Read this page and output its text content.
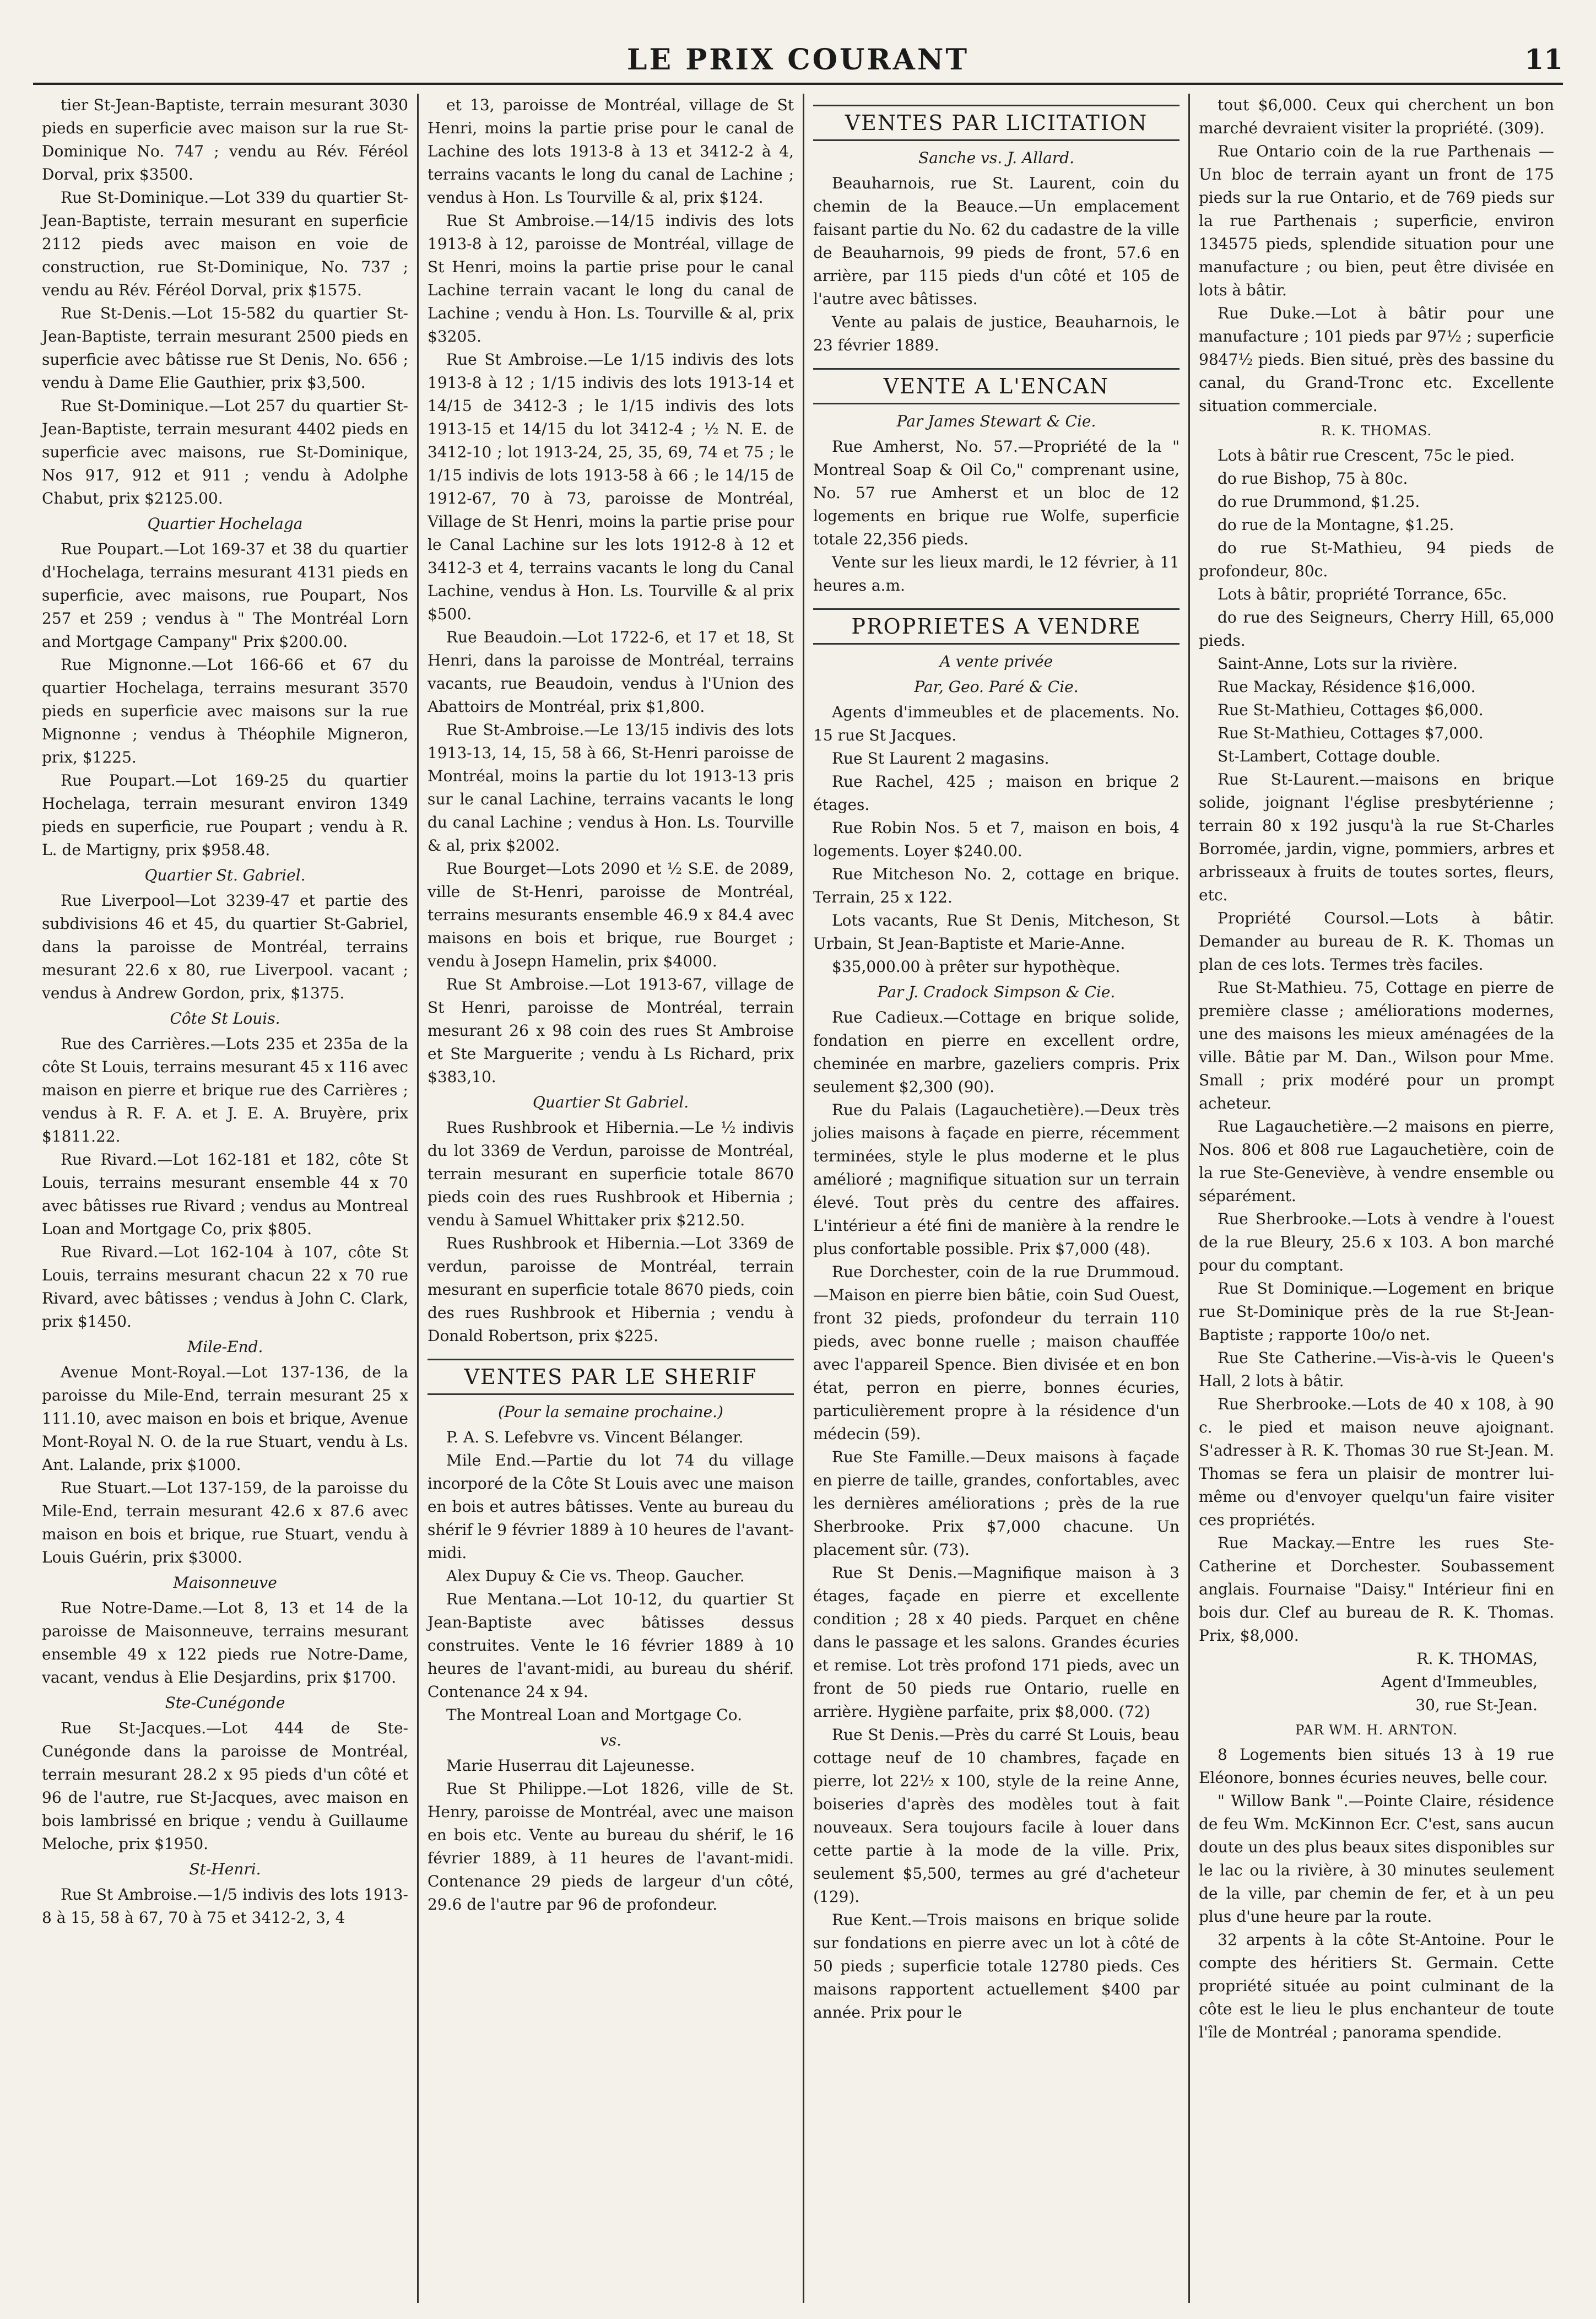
LE PRIX COURANT	11

tier St-Jean-Baptiste, terrain mesurant 3030 pieds en superficie avec maison sur la rue St-Dominique No. 747 ; vendu au Rév. Féréol Dorval, prix $3500.

Rue St-Dominique.—Lot 339 du quartier St-Jean-Baptiste, terrain mesurant en superficie 2112 pieds avec maison en voie de construction, rue St-Dominique, No. 737 ; vendu au Rév. Féréol Dorval, prix $1575.

Rue St-Denis.—Lot 15-582 du quartier St-Jean-Baptiste, terrain mesurant 2500 pieds en superficie avec bâtisse rue St Denis, No. 656 ; vendu à Dame Elie Gauthier, prix $3,500.

Rue St-Dominique.—Lot 257 du quartier St-Jean-Baptiste, terrain mesurant 4402 pieds en superficie avec maisons, rue St-Dominique, Nos 917, 912 et 911 ; vendu à Adolphe Chabut, prix $2125.00.

Quartier Hochelaga

Rue Poupart.—Lot 169-37 et 38 du quartier d'Hochelaga, terrains mesurant 4131 pieds en superficie, avec maisons, rue Poupart, Nos 257 et 259 ; vendus à " The Montréal Lorn and Mortgage Campany" Prix $200.00.

Rue Mignonne.—Lot 166-66 et 67 du quartier Hochelaga, terrains mesurant 3570 pieds en superficie avec maisons sur la rue Mignonne ; vendus à Théophile Migneron, prix, $1225.

Rue Poupart.—Lot 169-25 du quartier Hochelaga, terrain mesurant environ 1349 pieds en superficie, rue Poupart ; vendu à R. L. de Martigny, prix $958.48.

Quartier St. Gabriel.

Rue Liverpool—Lot 3239-47 et partie des subdivisions 46 et 45, du quartier St-Gabriel, dans la paroisse de Montréal, terrains mesurant 22.6 x 80, rue Liverpool. vacant ; vendus à Andrew Gordon, prix, $1375.

Côte St Louis.

Rue des Carrières.—Lots 235 et 235a de la côte St Louis, terrains mesurant 45 x 116 avec maison en pierre et brique rue des Carrières ; vendus à R. F. A. et J. E. A. Bruyère, prix $1811.22.

Rue Rivard.—Lot 162-181 et 182, côte St Louis, terrains mesurant ensemble 44 x 70 avec bâtisses rue Rivard ; vendus au Montreal Loan and Mortgage Co, prix $805.

Rue Rivard.—Lot 162-104 à 107, côte St Louis, terrains mesurant chacun 22 x 70 rue Rivard, avec bâtisses ; vendus à John C. Clark, prix $1450.

Mile-End.

Avenue Mont-Royal.—Lot 137-136, de la paroisse du Mile-End, terrain mesurant 25 x 111.10, avec maison en bois et brique, Avenue Mont-Royal N. O. de la rue Stuart, vendu à Ls. Ant. Lalande, prix $1000.

Rue Stuart.—Lot 137-159, de la paroisse du Mile-End, terrain mesurant 42.6 x 87.6 avec maison en bois et brique, rue Stuart, vendu à Louis Guérin, prix $3000.

Maisonneuve

Rue Notre-Dame.—Lot 8, 13 et 14 de la paroisse de Maisonneuve, terrains mesurant ensemble 49 x 122 pieds rue Notre-Dame, vacant, vendus à Elie Desjardins, prix $1700.

Ste-Cunégonde

Rue St-Jacques.—Lot 444 de Ste-Cunégonde dans la paroisse de Montréal, terrain mesurant 28.2 x 95 pieds d'un côté et 96 de l'autre, rue St-Jacques, avec maison en bois lambrissé en brique ; vendu à Guillaume Meloche, prix $1950.

St-Henri.

Rue St Ambroise.—1/5 indivis des lots 1913-8 à 15, 58 à 67, 70 à 75 et 3412-2, 3, 4

et 13, paroisse de Montréal, village de St Henri, moins la partie prise pour le canal de Lachine des lots 1913-8 à 13 et 3412-2 à 4, terrains vacants le long du canal de Lachine ; vendus à Hon. Ls Tourville & al, prix $124.

Rue St Ambroise.—14/15 indivis des lots 1913-8 à 12, paroisse de Montréal, village de St Henri, moins la partie prise pour le canal Lachine terrain vacant le long du canal de Lachine ; vendu à Hon. Ls. Tourville & al, prix $3205.

Rue St Ambroise.—Le 1/15 indivis des lots 1913-8 à 12 ; 1/15 indivis des lots 1913-14 et 14/15 de 3412-3 ; le 1/15 indivis des lots 1913-15 et 14/15 du lot 3412-4 ; ½ N. E. de 3412-10 ; lot 1913-24, 25, 35, 69, 74 et 75 ; le 1/15 indivis de lots 1913-58 à 66 ; le 14/15 de 1912-67, 70 à 73, paroisse de Montréal, Village de St Henri, moins la partie prise pour le Canal Lachine sur les lots 1912-8 à 12 et 3412-3 et 4, terrains vacants le long du Canal Lachine, vendus à Hon. Ls. Tourville & al prix $500.

Rue Beaudoin.—Lot 1722-6, et 17 et 18, St Henri, dans la paroisse de Montréal, terrains vacants, rue Beaudoin, vendus à l'Union des Abattoirs de Montréal, prix $1,800.

Rue St-Ambroise.—Le 13/15 indivis des lots 1913-13, 14, 15, 58 à 66, St-Henri paroisse de Montréal, moins la partie du lot 1913-13 pris sur le canal Lachine, terrains vacants le long du canal Lachine ; vendus à Hon. Ls. Tourville & al, prix $2002.

Rue Bourget—Lots 2090 et ½ S.E. de 2089, ville de St-Henri, paroisse de Montréal, terrains mesurants ensemble 46.9 x 84.4 avec maisons en bois et brique, rue Bourget ; vendu à Josepn Hamelin, prix $4000.

Rue St Ambroise.—Lot 1913-67, village de St Henri, paroisse de Montréal, terrain mesurant 26 x 98 coin des rues St Ambroise et Ste Marguerite ; vendu à Ls Richard, prix $383,10.

Quartier St Gabriel.

Rues Rushbrook et Hibernia.—Le ½ indivis du lot 3369 de Verdun, paroisse de Montréal, terrain mesurant en superficie totale 8670 pieds coin des rues Rushbrook et Hibernia ; vendu à Samuel Whittaker prix $212.50.

Rues Rushbrook et Hibernia.—Lot 3369 de verdun, paroisse de Montréal, terrain mesurant en superficie totale 8670 pieds, coin des rues Rushbrook et Hibernia ; vendu à Donald Robertson, prix $225.

VENTES PAR LE SHERIF
(Pour la semaine prochaine.)

P. A. S. Lefebvre vs. Vincent Bélanger.

Mile End.—Partie du lot 74 du village incorporé de la Côte St Louis avec une maison en bois et autres bâtisses. Vente au bureau du shérif le 9 février 1889 à 10 heures de l'avant-midi.

Alex Dupuy & Cie vs. Theop. Gaucher.

Rue Mentana.—Lot 10-12, du quartier St Jean-Baptiste avec bâtisses dessus construites. Vente le 16 février 1889 à 10 heures de l'avant-midi, au bureau du shérif. Contenance 24 x 94.

The Montreal Loan and Mortgage Co.

vs.

Marie Huserrau dit Lajeunesse.

Rue St Philippe.—Lot 1826, ville de St. Henry, paroisse de Montréal, avec une maison en bois etc. Vente au bureau du shérif, le 16 février 1889, à 11 heures de l'avant-midi. Contenance 29 pieds de largeur d'un côté, 29.6 de l'autre par 96 de profondeur.

VENTES PAR LICITATION
Sanche vs. J. Allard.

Beauharnois, rue St. Laurent, coin du chemin de la Beauce.—Un emplacement faisant partie du No. 62 du cadastre de la ville de Beauharnois, 99 pieds de front, 57.6 en arrière, par 115 pieds d'un côté et 105 de l'autre avec bâtisses.

Vente au palais de justice, Beauharnois, le 23 février 1889.

VENTE A L'ENCAN
Par James Stewart & Cie.

Rue Amherst, No. 57.—Propriété de la " Montreal Soap & Oil Co," comprenant usine, No. 57 rue Amherst et un bloc de 12 logements en brique rue Wolfe, superficie totale 22,356 pieds.

Vente sur les lieux mardi, le 12 février, à 11 heures a.m.

PROPRIETES A VENDRE
A vente privée
Par, Geo. Paré & Cie.

Agents d'immeubles et de placements. No. 15 rue St Jacques.

Rue St Laurent 2 magasins.

Rue Rachel, 425 ; maison en brique 2 étages.

Rue Robin Nos. 5 et 7, maison en bois, 4 logements. Loyer $240.00.

Rue Mitcheson No. 2, cottage en brique. Terrain, 25 x 122.

Lots vacants, Rue St Denis, Mitcheson, St Urbain, St Jean-Baptiste et Marie-Anne.

$35,000.00 à prêter sur hypothèque.

Par J. Cradock Simpson & Cie.

Rue Cadieux.—Cottage en brique solide, fondation en pierre en excellent ordre, cheminée en marbre, gazeliers compris. Prix seulement $2,300 (90).

Rue du Palais (Lagauchetière).—Deux très jolies maisons à façade en pierre, récemment terminées, style le plus moderne et le plus amélioré ; magnifique situation sur un terrain élevé. Tout près du centre des affaires. L'intérieur a été fini de manière à la rendre le plus confortable possible. Prix $7,000 (48).

Rue Dorchester, coin de la rue Drummoud.—Maison en pierre bien bâtie, coin Sud Ouest, front 32 pieds, profondeur du terrain 110 pieds, avec bonne ruelle ; maison chauffée avec l'appareil Spence. Bien divisée et en bon état, perron en pierre, bonnes écuries, particulièrement propre à la résidence d'un médecin (59).

Rue Ste Famille.—Deux maisons à façade en pierre de taille, grandes, confortables, avec les dernières améliorations ; près de la rue Sherbrooke. Prix $7,000 chacune. Un placement sûr. (73).

Rue St Denis.—Magnifique maison à 3 étages, façade en pierre et excellente condition ; 28 x 40 pieds. Parquet en chêne dans le passage et les salons. Grandes écuries et remise. Lot très profond 171 pieds, avec un front de 50 pieds rue Ontario, ruelle en arrière. Hygiène parfaite, prix $8,000. (72)

Rue St Denis.—Près du carré St Louis, beau cottage neuf de 10 chambres, façade en pierre, lot 22½ x 100, style de la reine Anne, boiseries d'après des modèles tout à fait nouveaux. Sera toujours facile à louer dans cette partie à la mode de la ville. Prix, seulement $5,500, termes au gré d'acheteur (129).

Rue Kent.—Trois maisons en brique solide sur fondations en pierre avec un lot à côté de 50 pieds ; superficie totale 12780 pieds. Ces maisons rapportent actuellement $400 par année. Prix pour le

tout $6,000. Ceux qui cherchent un bon marché devraient visiter la propriété. (309).

Rue Ontario coin de la rue Parthenais —Un bloc de terrain ayant un front de 175 pieds sur la rue Ontario, et de 769 pieds sur la rue Parthenais ; superficie, environ 134575 pieds, splendide situation pour une manufacture ; ou bien, peut être divisée en lots à bâtir.

Rue Duke.—Lot à bâtir pour une manufacture ; 101 pieds par 97½ ; superficie 9847½ pieds. Bien situé, près des bassine du canal, du Grand-Tronc etc. Excellente situation commerciale.

R. K. THOMAS.

Lots à bâtir rue Crescent, 75c le pied.

do rue Bishop, 75 à 80c.

do rue Drummond, $1.25.

do rue de la Montagne, $1.25.

do rue St-Mathieu, 94 pieds de profondeur, 80c.

Lots à bâtir, propriété Torrance, 65c.

do rue des Seigneurs, Cherry Hill, 65,000 pieds.

Saint-Anne, Lots sur la rivière.

Rue Mackay, Résidence $16,000.

Rue St-Mathieu, Cottages $6,000.

Rue St-Mathieu, Cottages $7,000.

St-Lambert, Cottage double.

Rue St-Laurent.—maisons en brique solide, joignant l'église presbytérienne ; terrain 80 x 192 jusqu'à la rue St-Charles Borromée, jardin, vigne, pommiers, arbres et arbrisseaux à fruits de toutes sortes, fleurs, etc.

Propriété Coursol.—Lots à bâtir. Demander au bureau de R. K. Thomas un plan de ces lots. Termes très faciles.

Rue St-Mathieu. 75, Cottage en pierre de première classe ; améliorations modernes, une des maisons les mieux aménagées de la ville. Bâtie par M. Dan., Wilson pour Mme. Small ; prix modéré pour un prompt acheteur.

Rue Lagauchetière.—2 maisons en pierre, Nos. 806 et 808 rue Lagauchetière, coin de la rue Ste-Geneviève, à vendre ensemble ou séparément.

Rue Sherbrooke.—Lots à vendre à l'ouest de la rue Bleury, 25.6 x 103. A bon marché pour du comptant.

Rue St Dominique.—Logement en brique rue St-Dominique près de la rue St-Jean-Baptiste ; rapporte 10o/o net.

Rue Ste Catherine.—Vis-à-vis le Queen's Hall, 2 lots à bâtir.

Rue Sherbrooke.—Lots de 40 x 108, à 90 c. le pied et maison neuve ajoignant. S'adresser à R. K. Thomas 30 rue St-Jean. M. Thomas se fera un plaisir de montrer lui-même ou d'envoyer quelqu'un faire visiter ces propriétés.

Rue Mackay.—Entre les rues Ste-Catherine et Dorchester. Soubassement anglais. Fournaise "Daisy." Intérieur fini en bois dur. Clef au bureau de R. K. Thomas. Prix, $8,000.

R. K. THOMAS,
Agent d'Immeubles,
30, rue St-Jean.
PAR WM. H. ARNTON.

8 Logements bien situés 13 à 19 rue Eléonore, bonnes écuries neuves, belle cour.

" Willow Bank ".—Pointe Claire, résidence de feu Wm. McKinnon Ecr. C'est, sans aucun doute un des plus beaux sites disponibles sur le lac ou la rivière, à 30 minutes seulement de la ville, par chemin de fer, et à un peu plus d'une heure par la route.

32 arpents à la côte St-Antoine. Pour le compte des héritiers St. Germain. Cette propriété située au point culminant de la côte est le lieu le plus enchanteur de toute l'île de Montréal ; panorama spendide.
